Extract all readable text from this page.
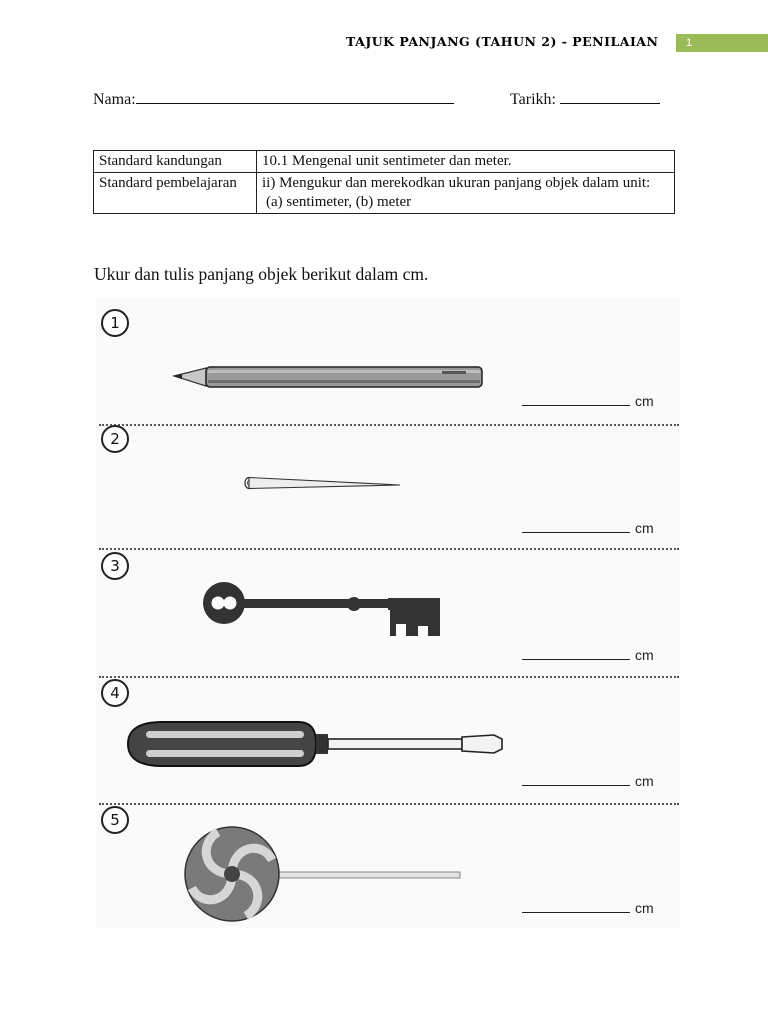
TAJUK PANJANG (TAHUN 2) - PENILAIAN	1
Nama:	Tarikh:
Standard kandungan	10.1 Mengenal unit sentimeter dan meter.
Standard pembelajaran	ii) Mengukur dan merekodkan ukuran panjang objek dalam unit:
(a) sentimeter, (b) meter
Ukur dan tulis panjang objek berikut dalam cm.
1
cm
2
cm
3
cm
4
cm
5
cm
